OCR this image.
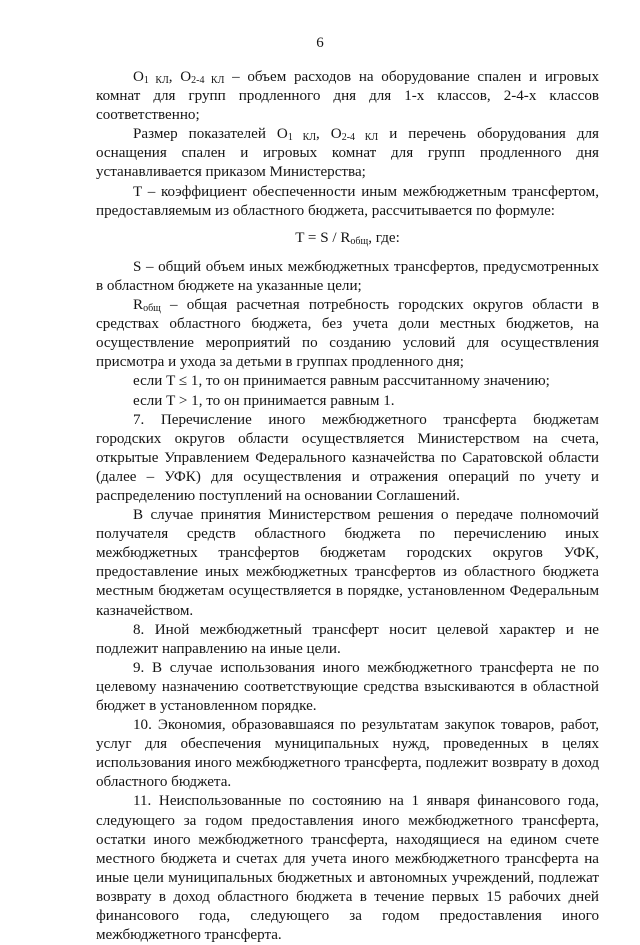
6

$O_{1 КЛ}$, $O_{2-4 КЛ}$ – объем расходов на оборудование спален и игровых комнат для групп продленного дня для 1-х классов, 2-4-х классов соответственно;

Размер показателей $O_{1 КЛ}$, $O_{2-4 КЛ}$ и перечень оборудования для оснащения спален и игровых комнат для групп продленного дня устанавливается приказом Министерства;

T – коэффициент обеспеченности иным межбюджетным трансфертом, предоставляемым из областного бюджета, рассчитывается по формуле:

$T = S / R_{общ}$, где:

S – общий объем иных межбюджетных трансфертов, предусмотренных в областном бюджете на указанные цели;

$R_{общ}$ – общая расчетная потребность городских округов области в средствах областного бюджета, без учета доли местных бюджетов, на осуществление мероприятий по созданию условий для осуществления присмотра и ухода за детьми в группах продленного дня;

если T ≤ 1, то он принимается равным рассчитанному значению;

если T > 1, то он принимается равным 1.

7. Перечисление иного межбюджетного трансферта бюджетам городских округов области осуществляется Министерством на счета, открытые Управлением Федерального казначейства по Саратовской области (далее – УФК) для осуществления и отражения операций по учету и распределению поступлений на основании Соглашений.

В случае принятия Министерством решения о передаче полномочий получателя средств областного бюджета по перечислению иных межбюджетных трансфертов бюджетам городских округов УФК, предоставление иных межбюджетных трансфертов из областного бюджета местным бюджетам осуществляется в порядке, установленном Федеральным казначейством.

8. Иной межбюджетный трансферт носит целевой характер и не подлежит направлению на иные цели.

9. В случае использования иного межбюджетного трансферта не по целевому назначению соответствующие средства взыскиваются в областной бюджет в установленном порядке.

10. Экономия, образовавшаяся по результатам закупок товаров, работ, услуг для обеспечения муниципальных нужд, проведенных в целях использования иного межбюджетного трансферта, подлежит возврату в доход областного бюджета.

11. Неиспользованные по состоянию на 1 января финансового года, следующего за годом предоставления иного межбюджетного трансферта, остатки иного межбюджетного трансферта, находящиеся на едином счете местного бюджета и счетах для учета иного межбюджетного трансферта на иные цели муниципальных бюджетных и автономных учреждений, подлежат возврату в доход областного бюджета в течение первых 15 рабочих дней финансового года, следующего за годом предоставления иного межбюджетного трансферта.
